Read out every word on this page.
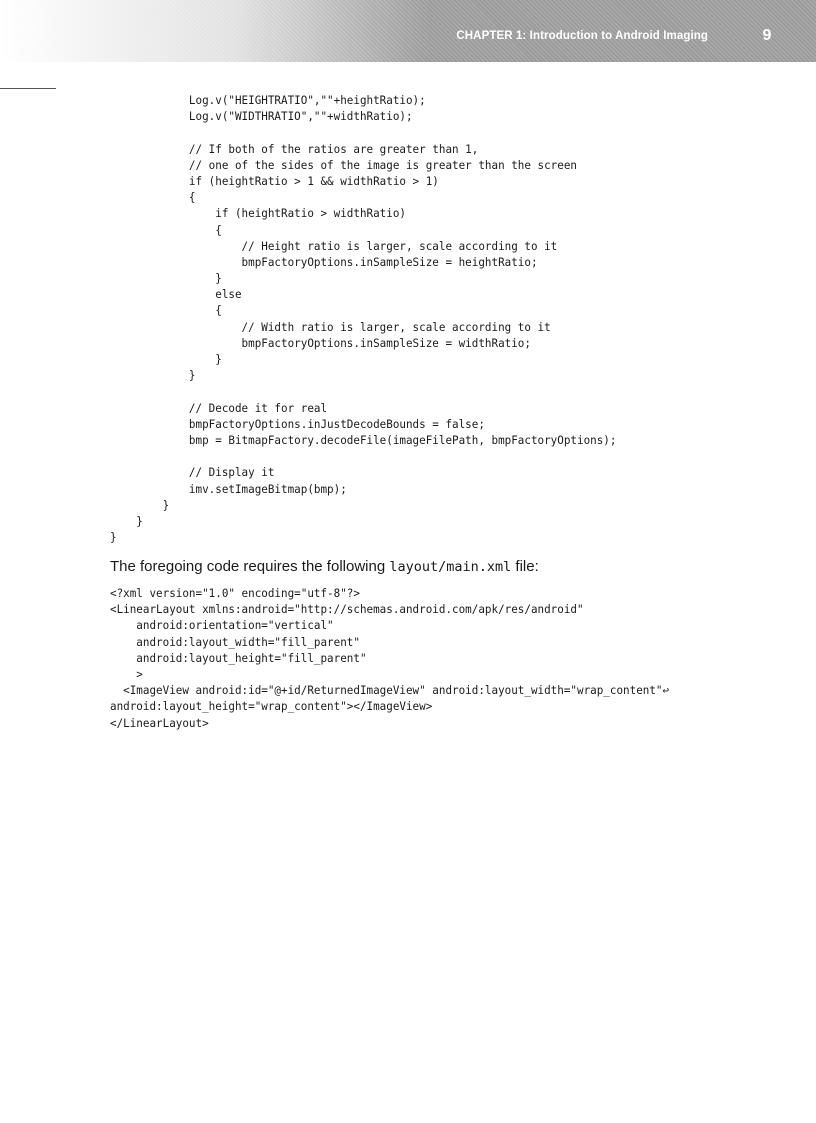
CHAPTER 1: Introduction to Android Imaging	9
Log.v("HEIGHTRATIO",""+heightRatio);
Log.v("WIDTHRATIO",""+widthRatio);
// If both of the ratios are greater than 1,
// one of the sides of the image is greater than the screen
if (heightRatio > 1 && widthRatio > 1)
{
if (heightRatio > widthRatio)
{
// Height ratio is larger, scale according to it
bmpFactoryOptions.inSampleSize = heightRatio;
}
else
{
// Width ratio is larger, scale according to it
bmpFactoryOptions.inSampleSize = widthRatio;
}
}
// Decode it for real
bmpFactoryOptions.inJustDecodeBounds = false;
bmp = BitmapFactory.decodeFile(imageFilePath, bmpFactoryOptions);
// Display it
imv.setImageBitmap(bmp);
}
}
}

The foregoing code requires the following layout/main.xml file:

<?xml version="1.0" encoding="utf-8"?>
<LinearLayout xmlns:android="http://schemas.android.com/apk/res/android"
android:orientation="vertical"
android:layout_width="fill_parent"
android:layout_height="fill_parent"
>
<ImageView android:id="@+id/ReturnedImageView" android:layout_width="wrap_content"↩
android:layout_height="wrap_content"></ImageView>
</LinearLayout>
